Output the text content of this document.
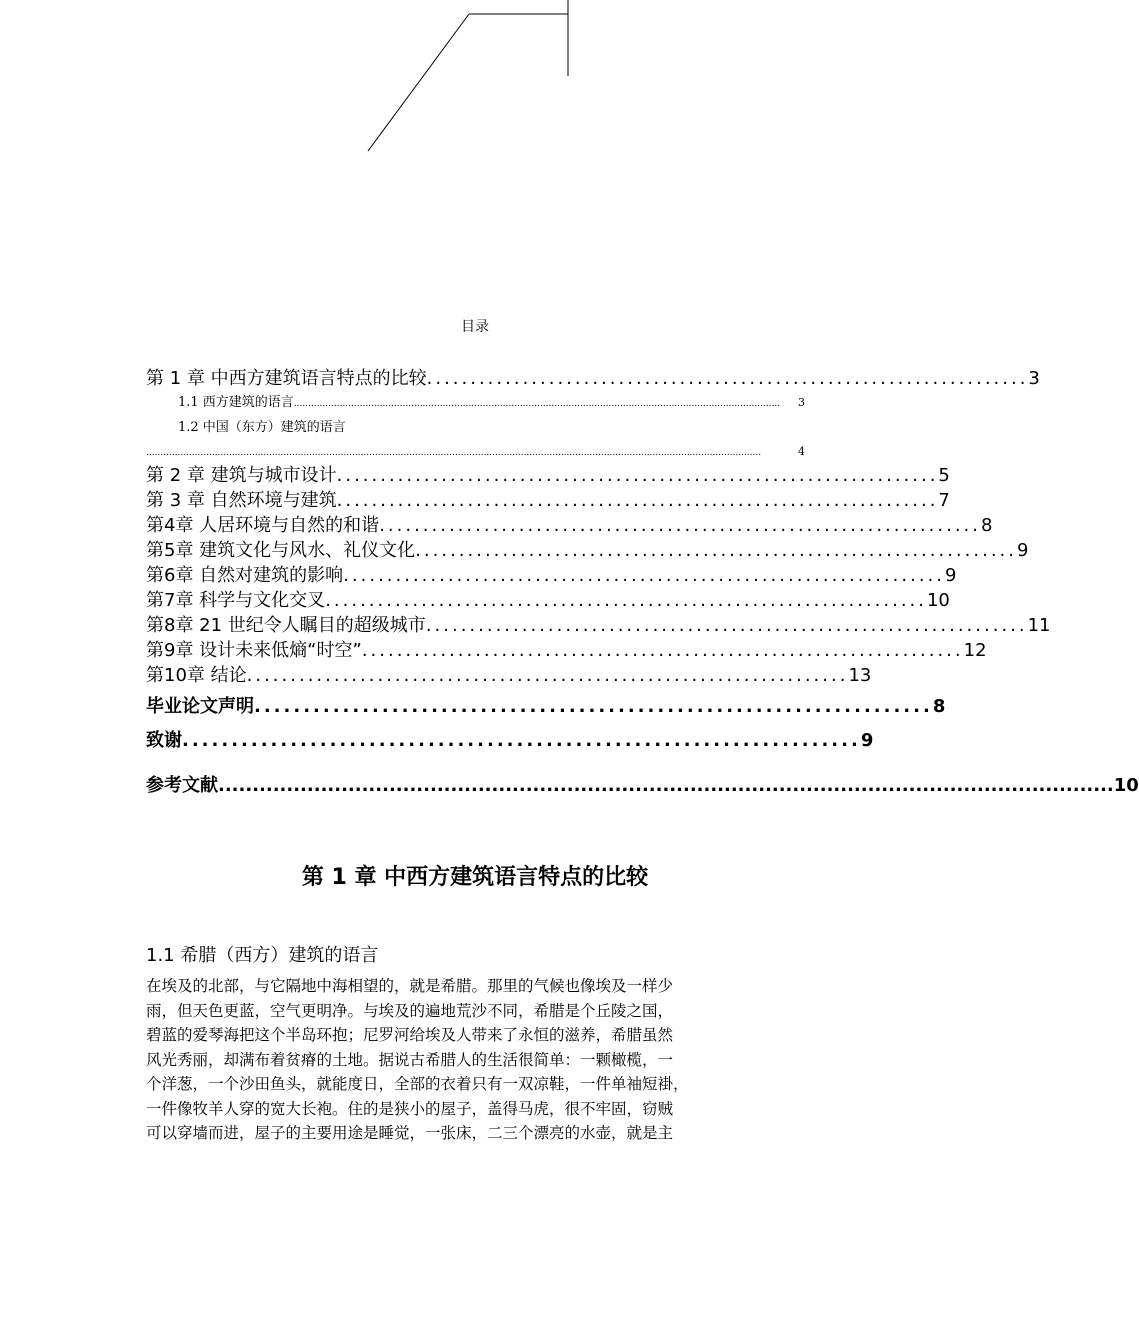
目录
第 1 章 中西方建筑语言特点的比较 ..................................................................... 3
1.1 西方建筑的语言 ..........................................................................................................................................................................	3
1.2 中国（东方）建筑的语言
.......................................................................................................................................................................................................................	4
第 2 章 建筑与城市设计 ..................................................................... 5
第 3 章 自然环境与建筑 ..................................................................... 7
第4章 人居环境与自然的和谐 ..................................................................... 8
第5章 建筑文化与风水、礼仪文化 ..................................................................... 9
第6章 自然对建筑的影响 ..................................................................... 9
第7章 科学与文化交叉 ..................................................................... 10
第8章 21 世纪令人瞩目的超级城市 ..................................................................... 11
第9章 设计未来低熵“时空” ..................................................................... 12
第10章 结论 ..................................................................... 13
毕业论文声明 ..................................................................... 8
致谢 ..................................................................... 9
参考文献 ................................................................................................................................... 10
第 1 章 中西方建筑语言特点的比较
1.1 希腊（西方）建筑的语言
在埃及的北部，与它隔地中海相望的，就是希腊。那里的气候也像埃及一样少
雨，但天色更蓝，空气更明净。与埃及的遍地荒沙不同，希腊是个丘陵之国，
碧蓝的爱琴海把这个半岛环抱；尼罗河给埃及人带来了永恒的滋养，希腊虽然
风光秀丽，却满布着贫瘠的土地。据说古希腊人的生活很简单：一颗橄榄，一
个洋葱，一个沙田鱼头，就能度日，全部的衣着只有一双凉鞋，一件单袖短褂，
一件像牧羊人穿的宽大长袍。住的是狭小的屋子，盖得马虎，很不牢固，窃贼
可以穿墙而进，屋子的主要用途是睡觉，一张床，二三个漂亮的水壶，就是主
